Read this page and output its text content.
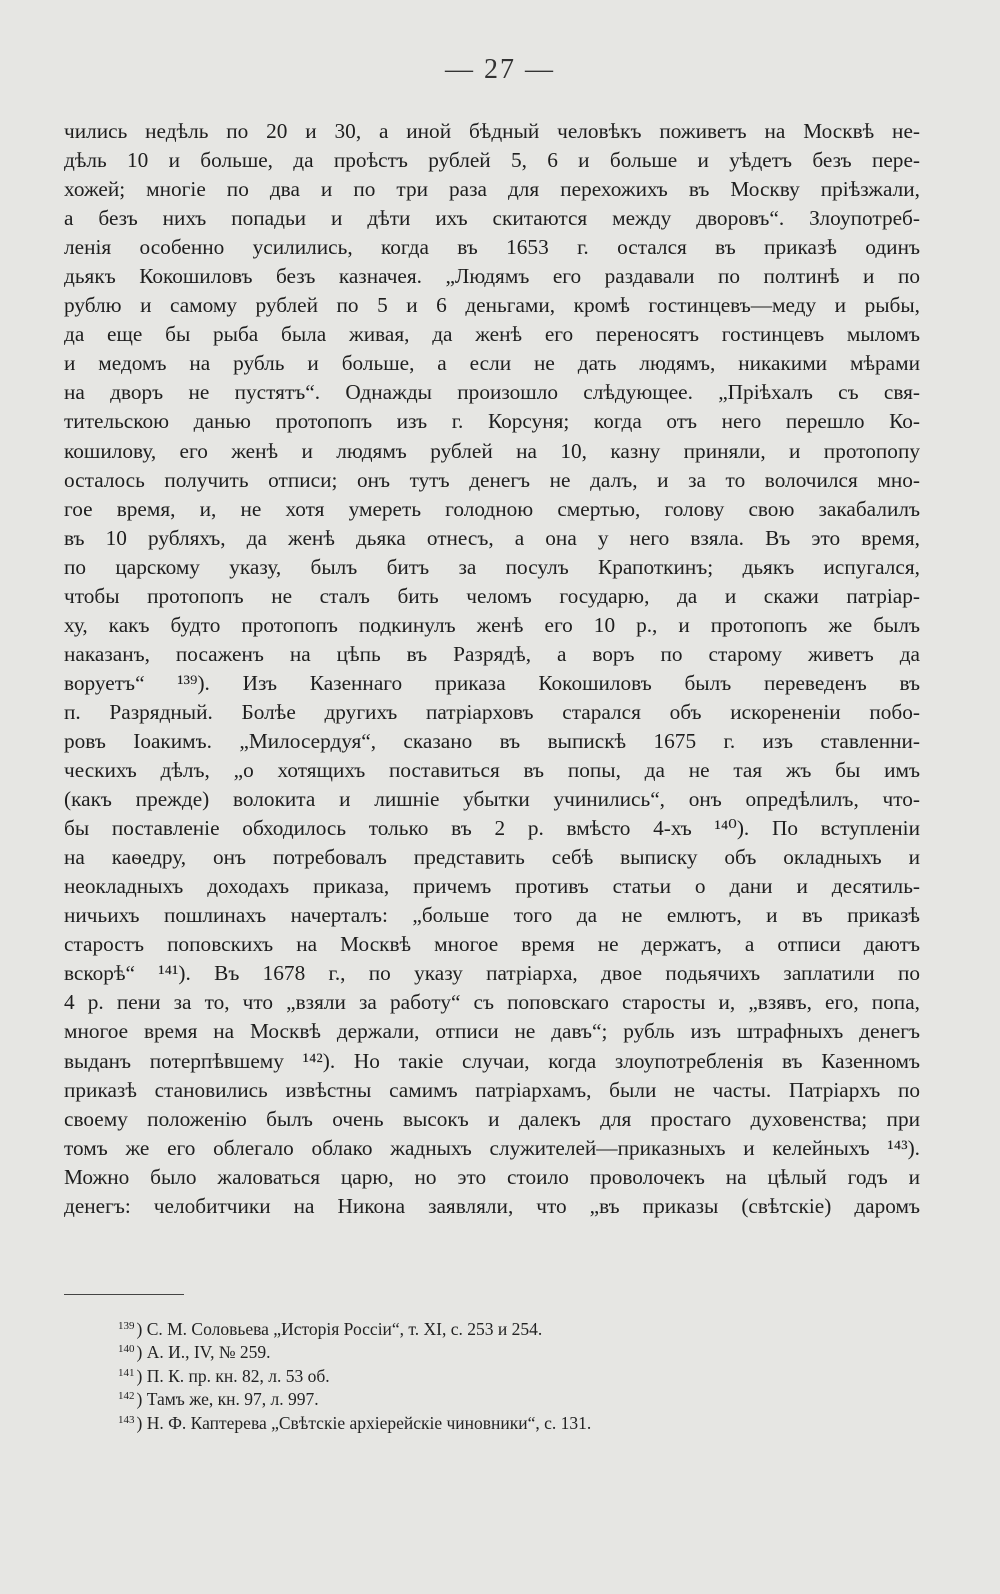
— 27 —
чились недѣль по 20 и 30, а иной бѣдный человѣкъ поживетъ на Москвѣ не-
дѣль 10 и больше, да проѣстъ рублей 5, 6 и больше и уѣдетъ безъ пере-
хожей; многiе по два и по три раза для перехожихъ въ Москву прiѣзжали,
а безъ нихъ попадьи и дѣти ихъ скитаются между дворовъ“. Злоупотреб-
ленiя особенно усилились, когда въ 1653 г. остался въ приказѣ одинъ
дьякъ Кокошиловъ безъ казначея. „Людямъ его раздавали по полтинѣ и по
рублю и самому рублей по 5 и 6 деньгами, кромѣ гостинцевъ—меду и рыбы,
да еще бы рыба была живая, да женѣ его переносятъ гостинцевъ мыломъ
и медомъ на рубль и больше, а если не дать людямъ, никакими мѣрами
на дворъ не пустятъ“. Однажды произошло слѣдующее. „Прiѣхалъ съ свя-
тительскою данью протопопъ изъ г. Корсуня; когда отъ него перешло Ко-
кошилову, его женѣ и людямъ рублей на 10, казну приняли, и протопопу
осталось получить отписи; онъ тутъ денегъ не далъ, и за то волочился мно-
гое время, и, не хотя умереть голодною смертью, голову свою закабалилъ
въ 10 рубляхъ, да женѣ дьяка отнесъ, а она у него взяла. Въ это время,
по царскому указу, былъ битъ за посулъ Крапоткинъ; дьякъ испугался,
чтобы протопопъ не сталъ бить челомъ государю, да и скажи патрiар-
ху, какъ будто протопопъ подкинулъ женѣ его 10 р., и протопопъ же былъ
наказанъ, посаженъ на цѣпь въ Разрядѣ, а воръ по старому живетъ да
воруетъ“ ¹³⁹). Изъ Казеннаго приказа Кокошиловъ былъ переведенъ въ
п. Разрядный. Болѣе другихъ патрiарховъ старался объ искорененiи побо-
ровъ Iоакимъ. „Милосердуя“, сказано въ выпискѣ 1675 г. изъ ставленни-
ческихъ дѣлъ, „о хотящихъ поставиться въ попы, да не тая жъ бы имъ
(какъ прежде) волокита и лишнiе убытки учинились“, онъ опредѣлилъ, что-
бы поставленiе обходилось только въ 2 р. вмѣсто 4-хъ ¹⁴⁰). По вступленiи
на каѳедру, онъ потребовалъ представить себѣ выписку объ окладныхъ и
неокладныхъ доходахъ приказа, причемъ противъ статьи о дани и десятиль-
ничьихъ пошлинахъ начерталъ: „больше того да не емлютъ, и въ приказѣ
старостъ поповскихъ на Москвѣ многое время не держатъ, а отписи даютъ
вскорѣ“ ¹⁴¹). Въ 1678 г., по указу патрiарха, двое подьячихъ заплатили по
4 р. пени за то, что „взяли за работу“ съ поповскаго старосты и, „взявъ, его, попа,
многое время на Москвѣ держали, отписи не давъ“; рубль изъ штрафныхъ денегъ
выданъ потерпѣвшему ¹⁴²). Но такiе случаи, когда злоупотребленiя въ Казенномъ
приказѣ становились извѣстны самимъ патрiархамъ, были не часты. Патрiархъ по
своему положенiю былъ очень высокъ и далекъ для простаго духовенства; при
томъ же его облегало облако жадныхъ служителей—приказныхъ и келейныхъ ¹⁴³).
Можно было жаловаться царю, но это стоило проволочекъ на цѣлый годъ и
денегъ: челобитчики на Никона заявляли, что „въ приказы (свѣтскiе) даромъ
$^{139}$ ) С. М. Соловьева „Исторiя Россiи“, т. XI, с. 253 и 254.
$^{140}$ ) А. И., IV, № 259.
$^{141}$ ) П. К. пр. кн. 82, л. 53 об.
$^{142}$ ) Тамъ же, кн. 97, л. 997.
$^{143}$ ) Н. Ф. Каптерева „Свѣтскiе архiерейскiе чиновники“, с. 131.
